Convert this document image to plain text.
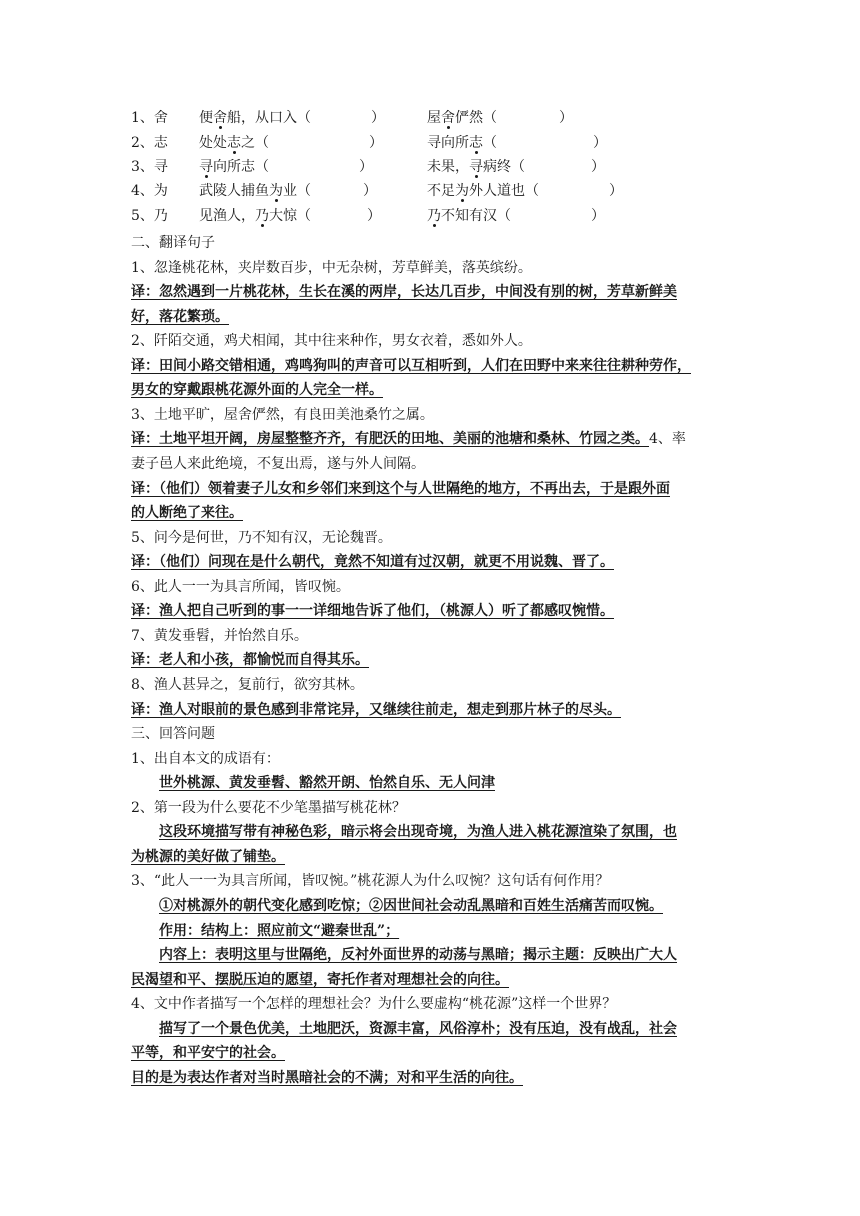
1、舍 便舍船，从口入（	）	屋舍俨然（	）
2、志 处处志之（	）	寻向所志（	）
3、寻 寻向所志（	）	未果，寻病终（	）
4、为 武陵人捕鱼为业（	）	不足为外人道也（	）
5、乃 见渔人，乃大惊（	）	乃不知有汉（	）
二、翻译句子
1、忽逢桃花林，夹岸数百步，中无杂树，芳草鲜美，落英缤纷。
译：忽然遇到一片桃花林，生长在溪的两岸，长达几百步，中间没有别的树，芳草新鲜美
好，落花繁琐。
2、阡陌交通，鸡犬相闻，其中往来种作，男女衣着，悉如外人。
译：田间小路交错相通，鸡鸣狗叫的声音可以互相听到，人们在田野中来来往往耕种劳作，
男女的穿戴跟桃花源外面的人完全一样。
3、土地平旷，屋舍俨然，有良田美池桑竹之属。
译：土地平坦开阔，房屋整整齐齐，有肥沃的田地、美丽的池塘和桑林、竹园之类。4、率
妻子邑人来此绝境，不复出焉，遂与外人间隔。
译：（他们）领着妻子儿女和乡邻们来到这个与人世隔绝的地方，不再出去，于是跟外面
的人断绝了来往。
5、问今是何世，乃不知有汉，无论魏晋。
译：（他们）问现在是什么朝代，竟然不知道有过汉朝，就更不用说魏、晋了。
6、此人一一为具言所闻，皆叹惋。
译：渔人把自己听到的事一一详细地告诉了他们，（桃源人）听了都感叹惋惜。
7、黄发垂髫，并怡然自乐。
译：老人和小孩，都愉悦而自得其乐。
8、渔人甚异之，复前行，欲穷其林。
译：渔人对眼前的景色感到非常诧异，又继续往前走，想走到那片林子的尽头。
三、回答问题
1、出自本文的成语有：
世外桃源、黄发垂髫、豁然开朗、怡然自乐、无人问津
2、第一段为什么要花不少笔墨描写桃花林？
这段环境描写带有神秘色彩，暗示将会出现奇境，为渔人进入桃花源渲染了氛围，也
为桃源的美好做了铺垫。
3、“此人一一为具言所闻，皆叹惋。”桃花源人为什么叹惋？这句话有何作用？
①对桃源外的朝代变化感到吃惊；②因世间社会动乱黑暗和百姓生活痛苦而叹惋。
作用：结构上：照应前文“避秦世乱”；
内容上：表明这里与世隔绝，反衬外面世界的动荡与黑暗；揭示主题：反映出广大人
民渴望和平、摆脱压迫的愿望，寄托作者对理想社会的向往。
4、文中作者描写一个怎样的理想社会？为什么要虚构“桃花源”这样一个世界？
描写了一个景色优美，土地肥沃，资源丰富，风俗淳朴；没有压迫，没有战乱，社会
平等，和平安宁的社会。
目的是为表达作者对当时黑暗社会的不满；对和平生活的向往。
